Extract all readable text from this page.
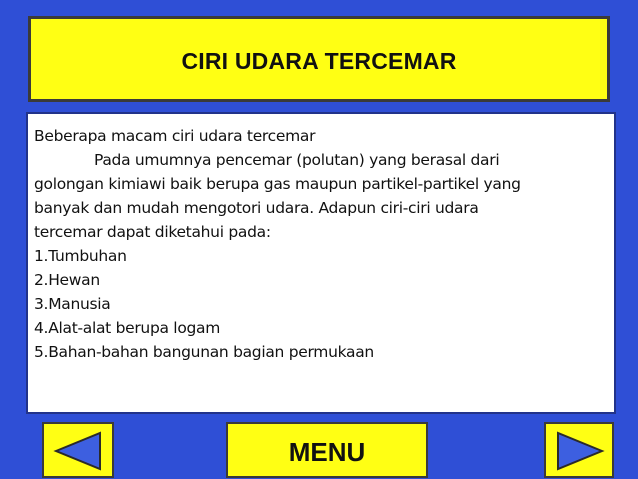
CIRI UDARA TERCEMAR
Beberapa macam ciri udara tercemar
Pada umumnya pencemar (polutan) yang berasal dari
golongan kimiawi baik berupa gas maupun partikel-partikel yang
banyak dan mudah mengotori udara. Adapun ciri-ciri udara
tercemar dapat diketahui pada:
1.Tumbuhan
2.Hewan
3.Manusia
4.Alat-alat berupa logam
5.Bahan-bahan bangunan bagian permukaan
MENU
